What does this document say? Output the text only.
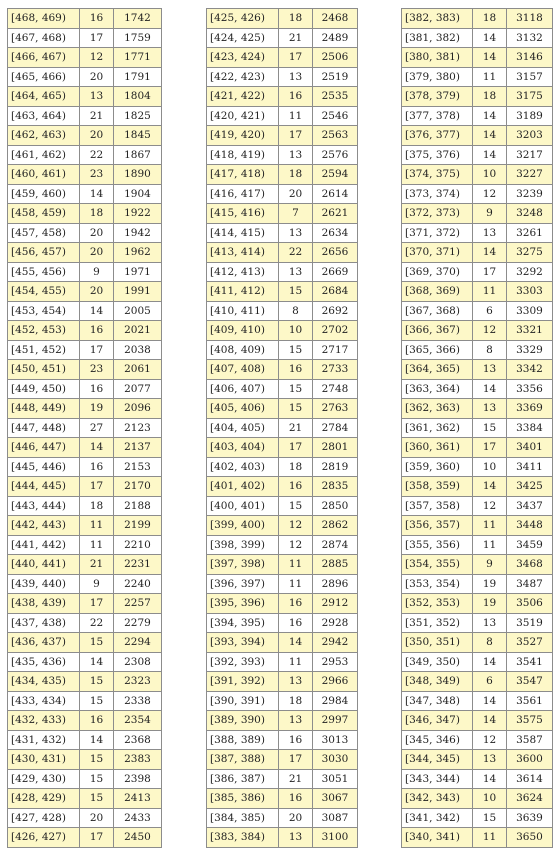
[468, 469)	16	1742
[467, 468)	17	1759
[466, 467)	12	1771
[465, 466)	20	1791
[464, 465)	13	1804
[463, 464)	21	1825
[462, 463)	20	1845
[461, 462)	22	1867
[460, 461)	23	1890
[459, 460)	14	1904
[458, 459)	18	1922
[457, 458)	20	1942
[456, 457)	20	1962
[455, 456)	9	1971
[454, 455)	20	1991
[453, 454)	14	2005
[452, 453)	16	2021
[451, 452)	17	2038
[450, 451)	23	2061
[449, 450)	16	2077
[448, 449)	19	2096
[447, 448)	27	2123
[446, 447)	14	2137
[445, 446)	16	2153
[444, 445)	17	2170
[443, 444)	18	2188
[442, 443)	11	2199
[441, 442)	11	2210
[440, 441)	21	2231
[439, 440)	9	2240
[438, 439)	17	2257
[437, 438)	22	2279
[436, 437)	15	2294
[435, 436)	14	2308
[434, 435)	15	2323
[433, 434)	15	2338
[432, 433)	16	2354
[431, 432)	14	2368
[430, 431)	15	2383
[429, 430)	15	2398
[428, 429)	15	2413
[427, 428)	20	2433
[426, 427)	17	2450
[425, 426)	18	2468
[424, 425)	21	2489
[423, 424)	17	2506
[422, 423)	13	2519
[421, 422)	16	2535
[420, 421)	11	2546
[419, 420)	17	2563
[418, 419)	13	2576
[417, 418)	18	2594
[416, 417)	20	2614
[415, 416)	7	2621
[414, 415)	13	2634
[413, 414)	22	2656
[412, 413)	13	2669
[411, 412)	15	2684
[410, 411)	8	2692
[409, 410)	10	2702
[408, 409)	15	2717
[407, 408)	16	2733
[406, 407)	15	2748
[405, 406)	15	2763
[404, 405)	21	2784
[403, 404)	17	2801
[402, 403)	18	2819
[401, 402)	16	2835
[400, 401)	15	2850
[399, 400)	12	2862
[398, 399)	12	2874
[397, 398)	11	2885
[396, 397)	11	2896
[395, 396)	16	2912
[394, 395)	16	2928
[393, 394)	14	2942
[392, 393)	11	2953
[391, 392)	13	2966
[390, 391)	18	2984
[389, 390)	13	2997
[388, 389)	16	3013
[387, 388)	17	3030
[386, 387)	21	3051
[385, 386)	16	3067
[384, 385)	20	3087
[383, 384)	13	3100
[382, 383)	18	3118
[381, 382)	14	3132
[380, 381)	14	3146
[379, 380)	11	3157
[378, 379)	18	3175
[377, 378)	14	3189
[376, 377)	14	3203
[375, 376)	14	3217
[374, 375)	10	3227
[373, 374)	12	3239
[372, 373)	9	3248
[371, 372)	13	3261
[370, 371)	14	3275
[369, 370)	17	3292
[368, 369)	11	3303
[367, 368)	6	3309
[366, 367)	12	3321
[365, 366)	8	3329
[364, 365)	13	3342
[363, 364)	14	3356
[362, 363)	13	3369
[361, 362)	15	3384
[360, 361)	17	3401
[359, 360)	10	3411
[358, 359)	14	3425
[357, 358)	12	3437
[356, 357)	11	3448
[355, 356)	11	3459
[354, 355)	9	3468
[353, 354)	19	3487
[352, 353)	19	3506
[351, 352)	13	3519
[350, 351)	8	3527
[349, 350)	14	3541
[348, 349)	6	3547
[347, 348)	14	3561
[346, 347)	14	3575
[345, 346)	12	3587
[344, 345)	13	3600
[343, 344)	14	3614
[342, 343)	10	3624
[341, 342)	15	3639
[340, 341)	11	3650
